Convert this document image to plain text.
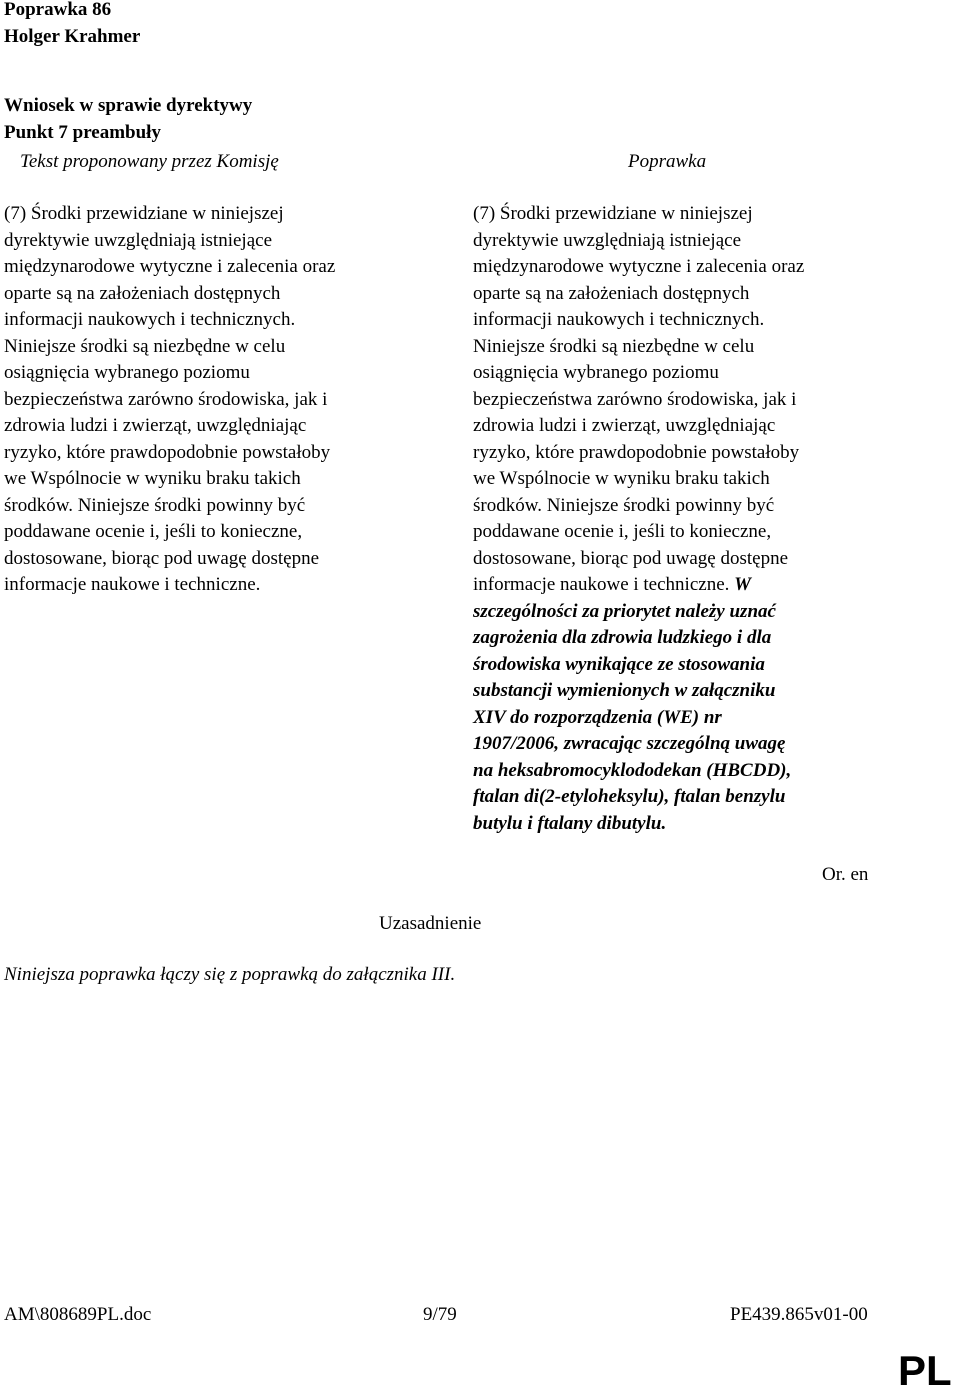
Poprawka 86
Holger Krahmer
Wniosek w sprawie dyrektywy
Punkt 7 preambuły
Tekst proponowany przez Komisję	Poprawka
(7) Środki przewidziane w niniejszej
dyrektywie uwzględniają istniejące
międzynarodowe wytyczne i zalecenia oraz
oparte są na założeniach dostępnych
informacji naukowych i technicznych.
Niniejsze środki są niezbędne w celu
osiągnięcia wybranego poziomu
bezpieczeństwa zarówno środowiska, jak i
zdrowia ludzi i zwierząt, uwzględniając
ryzyko, które prawdopodobnie powstałoby
we Wspólnocie w wyniku braku takich
środków. Niniejsze środki powinny być
poddawane ocenie i, jeśli to konieczne,
dostosowane, biorąc pod uwagę dostępne
informacje naukowe i techniczne.
(7) Środki przewidziane w niniejszej
dyrektywie uwzględniają istniejące
międzynarodowe wytyczne i zalecenia oraz
oparte są na założeniach dostępnych
informacji naukowych i technicznych.
Niniejsze środki są niezbędne w celu
osiągnięcia wybranego poziomu
bezpieczeństwa zarówno środowiska, jak i
zdrowia ludzi i zwierząt, uwzględniając
ryzyko, które prawdopodobnie powstałoby
we Wspólnocie w wyniku braku takich
środków. Niniejsze środki powinny być
poddawane ocenie i, jeśli to konieczne,
dostosowane, biorąc pod uwagę dostępne
informacje naukowe i techniczne. W
szczególności za priorytet należy uznać
zagrożenia dla zdrowia ludzkiego i dla
środowiska wynikające ze stosowania
substancji wymienionych w załączniku
XIV do rozporządzenia (WE) nr
1907/2006, zwracając szczególną uwagę
na heksabromocyklododekan (HBCDD),
ftalan di(2-etyloheksylu), ftalan benzylu
butylu i ftalany dibutylu.
Or. en
Uzasadnienie
Niniejsza poprawka łączy się z poprawką do załącznika III.
AM\808689PL.doc	9/79	PE439.865v01-00
PL
